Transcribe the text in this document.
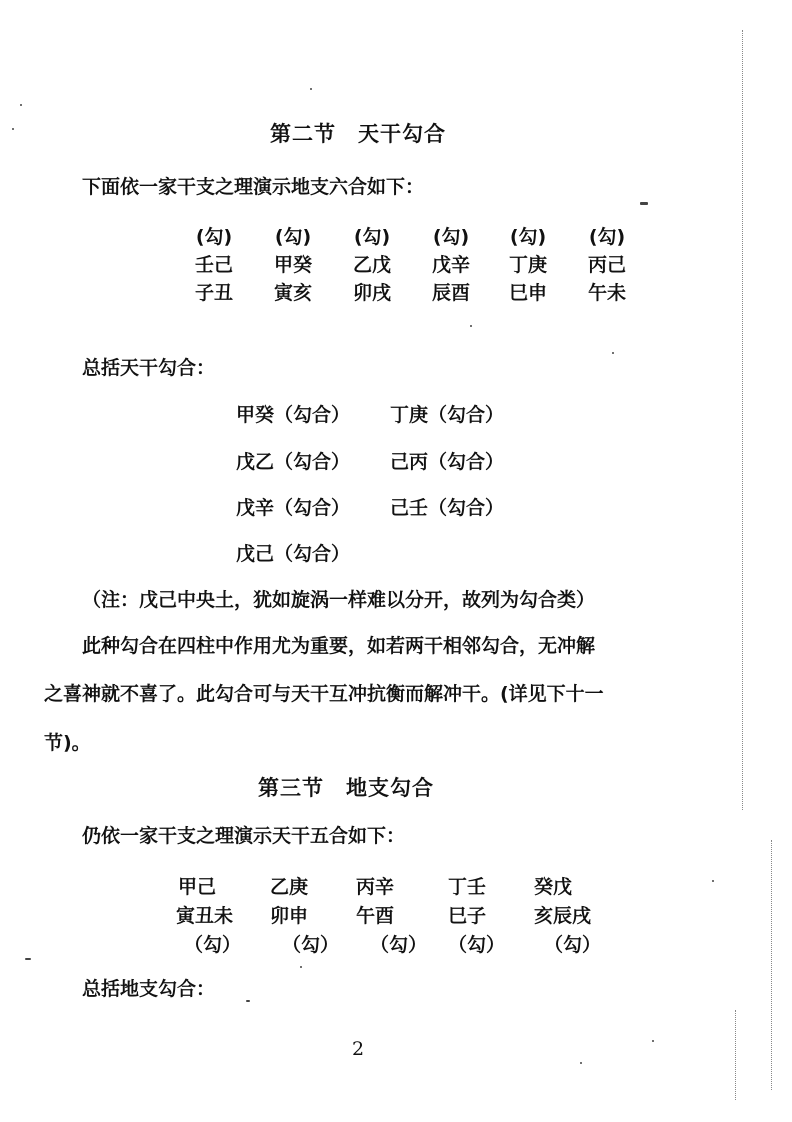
第二节　天干勾合
下面依一家干支之理演示地支六合如下：
(勾)	(勾)	(勾)	(勾)	(勾)	(勾)
壬己	甲癸	乙戊	戊辛	丁庚	丙己
子丑	寅亥	卯戌	辰酉	巳申	午未
总括天干勾合：
甲癸（勾合） 丁庚（勾合）
戊乙（勾合） 己丙（勾合）
戊辛（勾合） 己壬（勾合）
戊己（勾合）
（注：戊己中央土，犹如旋涡一样难以分开，故列为勾合类）
此种勾合在四柱中作用尤为重要，如若两干相邻勾合，无冲解
之喜神就不喜了。此勾合可与天干互冲抗衡而解冲干。(详见下十一
节)。
第三节　地支勾合
仍依一家干支之理演示天干五合如下：
甲己	乙庚	丙辛	丁壬	癸戊
寅丑未 卯申	午酉	巳子	亥辰戌
（勾） （勾） （勾） （勾） （勾）
总括地支勾合：
2
